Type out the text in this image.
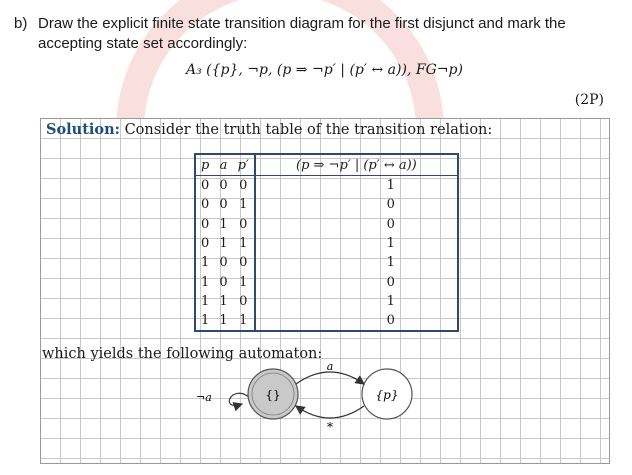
b) Draw the explicit finite state transition diagram for the first disjunct and mark the accepting state set accordingly:
A₃ ({p}, ¬p, (p ⇒ ¬p′ | (p′ ↔ a)), FG¬p)
(2P)
Solution: Consider the truth table of the transition relation:
p	a	p′	(p ⇒ ¬p′ | (p′ ↔ a))
0	0	0	1
0	0	1	0
0	1	0	0
0	1	1	1
1	0	0	1
1	0	1	0
1	1	0	1
1	1	1	0
which yields the following automaton:
¬a	{}	{p}
a
*
